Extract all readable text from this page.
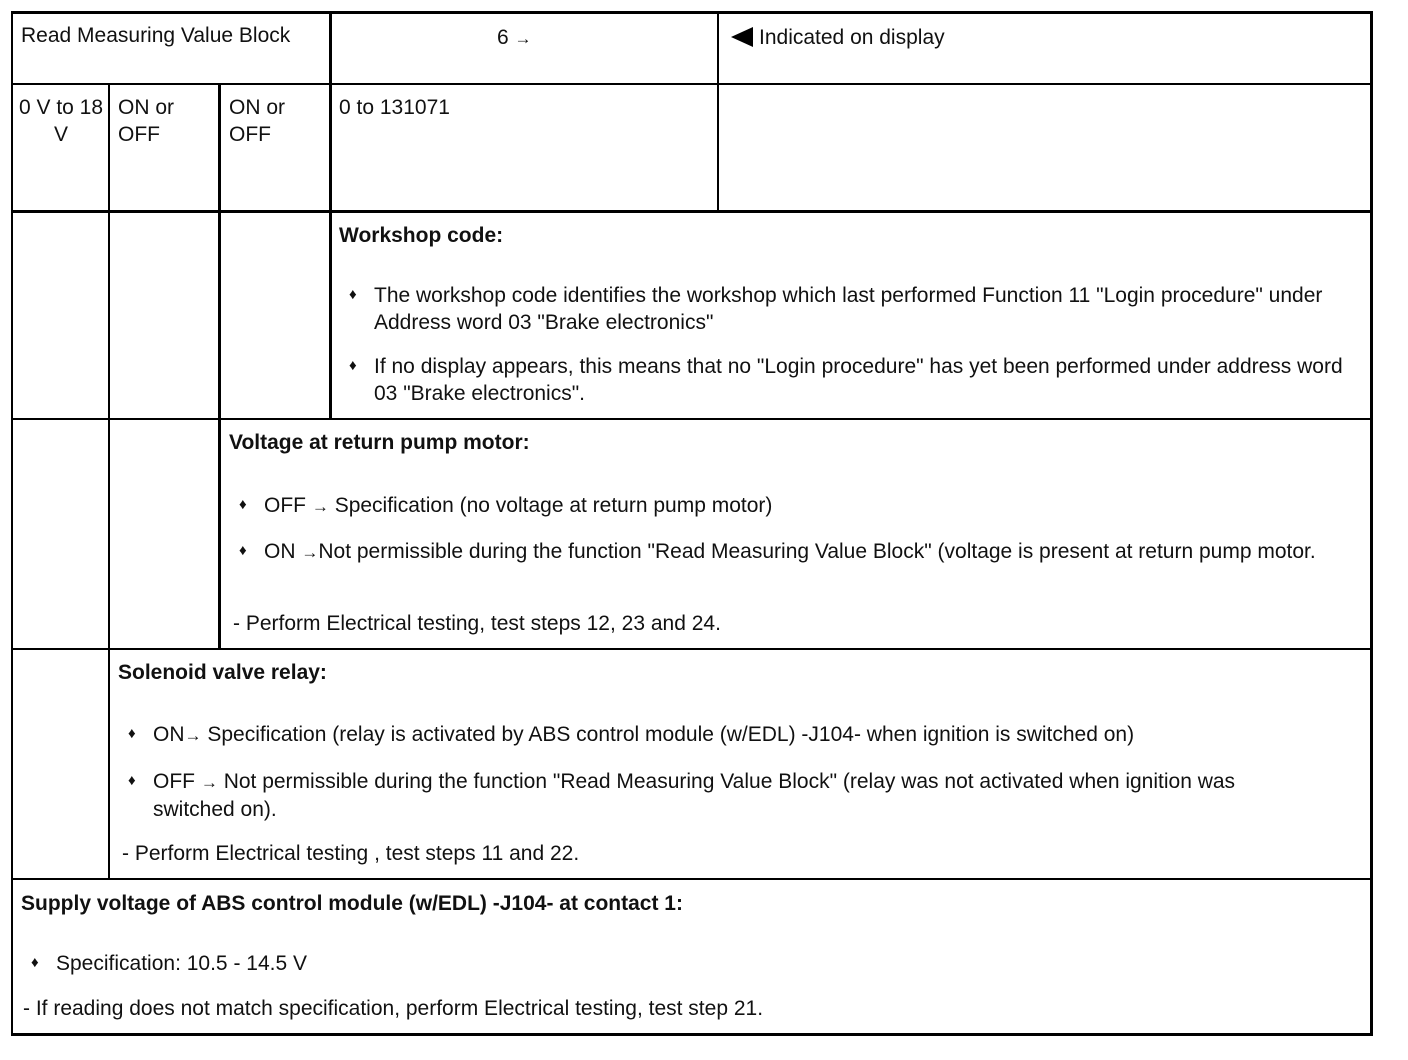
Read Measuring Value Block	6 →	Indicated on display
0 V to 18 V
ON or OFF
ON or OFF
0 to 131071
Workshop code:
♦ The workshop code identifies the workshop which last performed Function 11 "Login procedure" under Address word 03 "Brake electronics"
♦ If no display appears, this means that no "Login procedure" has yet been performed under address word 03 "Brake electronics".
Voltage at return pump motor:
♦ OFF → Specification (no voltage at return pump motor)
♦ ON →Not permissible during the function "Read Measuring Value Block" (voltage is present at return pump motor.
- Perform Electrical testing, test steps 12, 23 and 24.
Solenoid valve relay:
♦ ON→ Specification (relay is activated by ABS control module (w/EDL) -J104- when ignition is switched on)
♦ OFF → Not permissible during the function "Read Measuring Value Block" (relay was not activated when ignition was switched on).
- Perform Electrical testing , test steps 11 and 22.
Supply voltage of ABS control module (w/EDL) -J104- at contact 1:
♦ Specification: 10.5 - 14.5 V
- If reading does not match specification, perform Electrical testing, test step 21.
